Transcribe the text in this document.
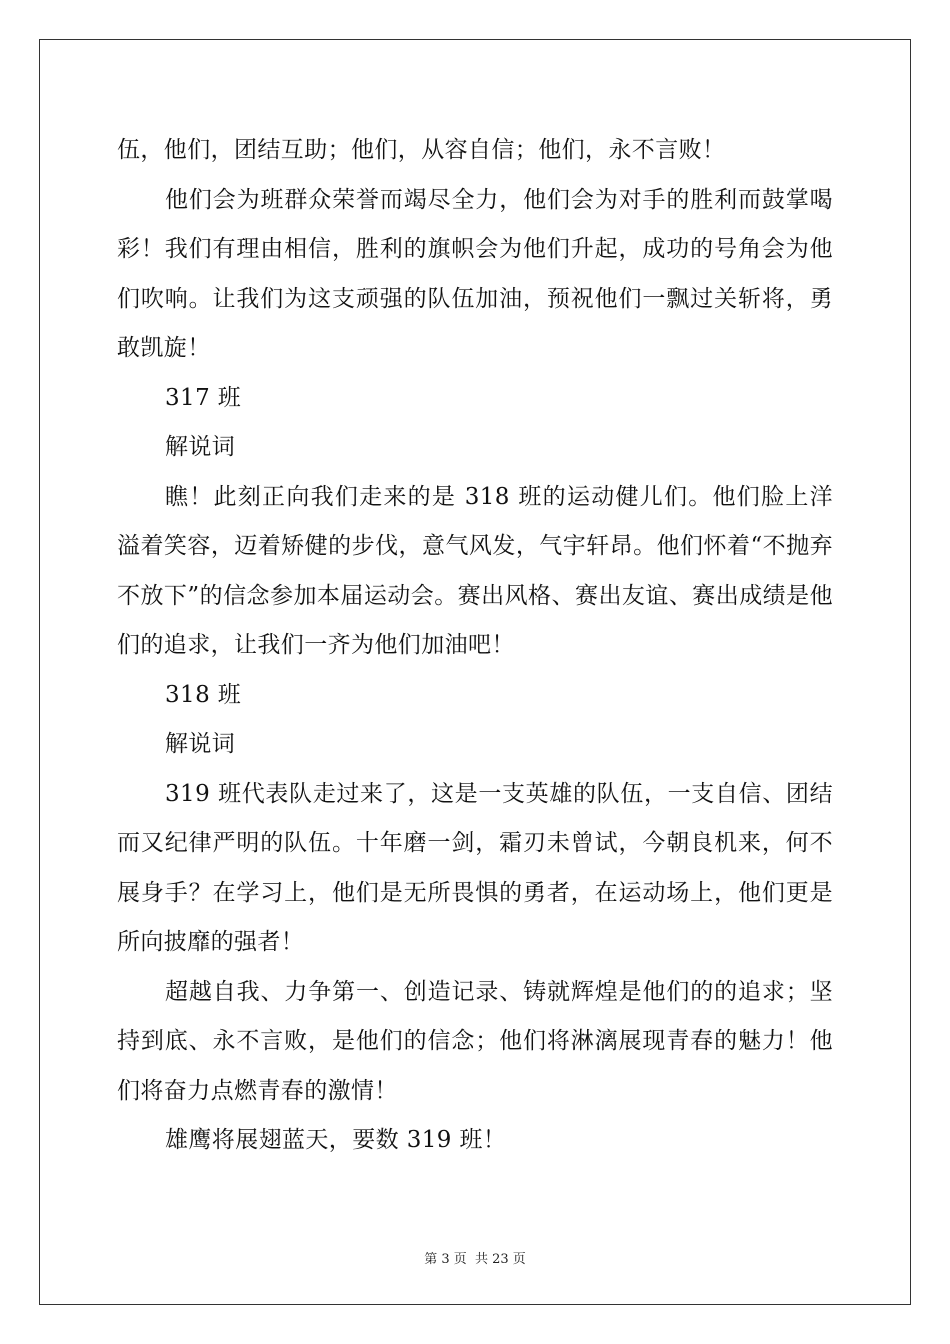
伍，他们，团结互助；他们，从容自信；他们，永不言败！

他们会为班群众荣誉而竭尽全力，他们会为对手的胜利而鼓掌喝彩！我们有理由相信，胜利的旗帜会为他们升起，成功的号角会为他们吹响。让我们为这支顽强的队伍加油，预祝他们一飘过关斩将，勇敢凯旋！

317 班

解说词

瞧！此刻正向我们走来的是 318 班的运动健儿们。他们脸上洋溢着笑容，迈着矫健的步伐，意气风发，气宇轩昂。他们怀着“不抛弃不放下”的信念参加本届运动会。赛出风格、赛出友谊、赛出成绩是他们的追求，让我们一齐为他们加油吧！

318 班

解说词

319 班代表队走过来了，这是一支英雄的队伍，一支自信、团结而又纪律严明的队伍。十年磨一剑，霜刃未曾试，今朝良机来，何不展身手？在学习上，他们是无所畏惧的勇者，在运动场上，他们更是所向披靡的强者！

超越自我、力争第一、创造记录、铸就辉煌是他们的的追求；坚持到底、永不言败，是他们的信念；他们将淋漓展现青春的魅力！他们将奋力点燃青春的激情！

雄鹰将展翅蓝天，要数 319 班！

第 3 页 共 23 页
